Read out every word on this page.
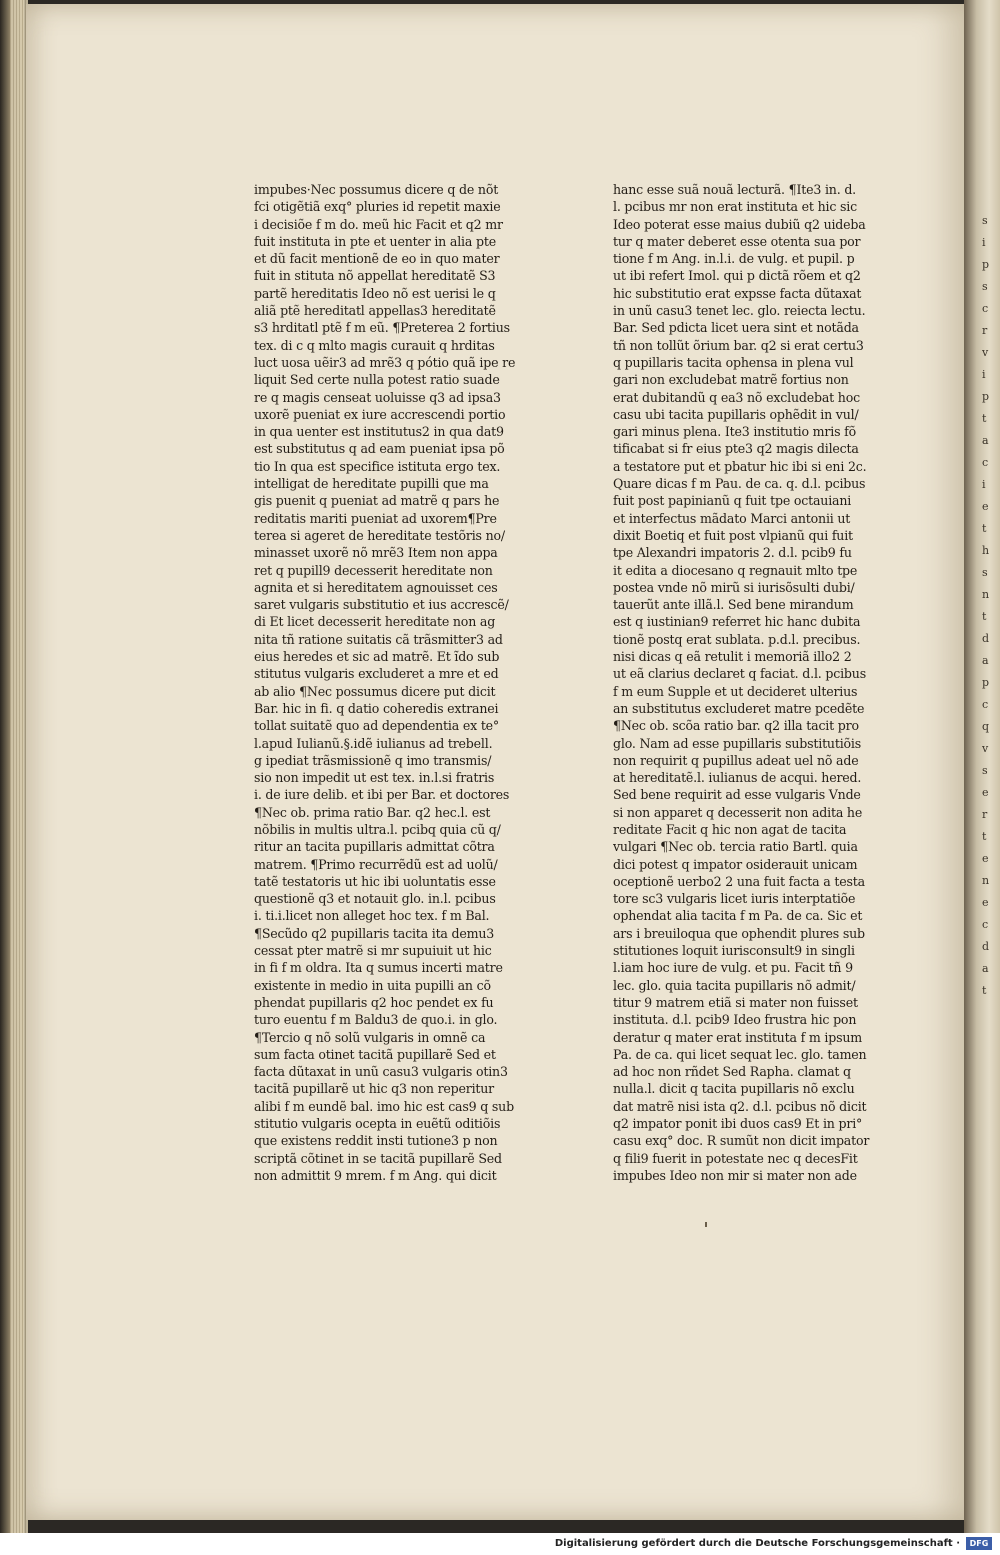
s
i
p
s
c
r
v
i
p
t
a
c
i
e
t
h
s
n
t
d
a
p
c
q
v
s
e
r
t
e
n
e
c
d
a
t
impubes·Nec possumus dicere q de nõt
fci otigẽtiã exq° pluries id repetit maxie
i decisiõe f m do. meũ hic Facit et q2 mr
fuit instituta in pte et uenter in alia pte
et dũ facit mentionẽ de eo in quo mater
fuit in stituta nõ appellat hereditatẽ S3
partẽ hereditatis Ideo nõ est uerisi le q
aliã ptẽ hereditatl appellas3 hereditatẽ
s3 hrditatl ptẽ f m eũ. ¶Preterea 2 fortius
tex. di c q mlto magis curauit q hrditas
luct uosa uẽir3 ad mrẽ3 q pótio quã ipe re
liquit Sed certe nulla potest ratio suade
re q magis censeat uoluisse q3 ad ipsa3
uxorẽ pueniat ex iure accrescendi portio
in qua uenter est institutus2 in qua dat9
est substitutus q ad eam pueniat ipsa põ
tio In qua est specifice istituta ergo tex.
intelligat de hereditate pupilli que ma
gis puenit q pueniat ad matrẽ q pars he
reditatis mariti pueniat ad uxorem¶Pre
terea si ageret de hereditate testõris no/
minasset uxorẽ nõ mrẽ3 Item non appa
ret q pupill9 decesserit hereditate non
agnita et si hereditatem agnouisset ces
saret vulgaris substitutio et ius accrescẽ/
di Et licet decesserit hereditate non ag
nita tñ ratione suitatis cã trãsmitter3 ad
eius heredes et sic ad matrẽ. Et ĩdo sub
stitutus vulgaris excluderet a mre et ed
ab alio ¶Nec possumus dicere put dicit
Bar. hic in fi. q datio coheredis extranei
tollat suitatẽ quo ad dependentia ex te°
l.apud Iulianũ.§.idẽ iulianus ad trebell.
g ipediat trãsmissionẽ q imo transmis/
sio non impedit ut est tex. in.l.si fratris
i. de iure delib. et ibi per Bar. et doctores
¶Nec ob. prima ratio Bar. q2 hec.l. est
nõbilis in multis ultra.l. pcibq quia cũ q/
ritur an tacita pupillaris admittat cõtra
matrem. ¶Primo recurrẽdũ est ad uolũ/
tatẽ testatoris ut hic ibi uoluntatis esse
questionẽ q3 et notauit glo. in.l. pcibus
i. ti.i.licet non alleget hoc tex. f m Bal.
¶Secũdo q2 pupillaris tacita ita demu3
cessat pter matrẽ si mr supuiuit ut hic
in fi f m oldra. Ita q sumus incerti matre
existente in medio in uita pupilli an cõ
phendat pupillaris q2 hoc pendet ex fu
turo euentu f m Baldu3 de quo.i. in glo.
¶Tercio q nõ solũ vulgaris in omnẽ ca
sum facta otinet tacitã pupillarẽ Sed et
facta dũtaxat in unũ casu3 vulgaris otin3
tacitã pupillarẽ ut hic q3 non reperitur
alibi f m eundẽ bal. imo hic est cas9 q sub
stitutio vulgaris ocepta in euẽtũ oditiõis
que existens reddit insti tutione3 p non
scriptã cõtinet in se tacitã pupillarẽ Sed
non admittit 9 mrem. f m Ang. qui dicit
hanc esse suã nouã lecturã. ¶Ite3 in. d.
l. pcibus mr non erat instituta et hic sic
Ideo poterat esse maius dubiũ q2 uideba
tur q mater deberet esse otenta sua por
tione f m Ang. in.l.i. de vulg. et pupil. p
ut ibi refert Imol. qui p dictã rõem et q2
hic substitutio erat expsse facta dũtaxat
in unũ casu3 tenet lec. glo. reiecta lectu.
Bar. Sed pdicta licet uera sint et notãda
tñ non tollũt õrium bar. q2 si erat certu3
q pupillaris tacita ophensa in plena vul
gari non excludebat matrẽ fortius non
erat dubitandũ q ea3 nõ excludebat hoc
casu ubi tacita pupillaris ophẽdit in vul/
gari minus plena. Ite3 institutio mris fõ
tificabat si fr eius pte3 q2 magis dilecta
a testatore put et pbatur hic ibi si eni 2c.
Quare dicas f m Pau. de ca. q. d.l. pcibus
fuit post papinianũ q fuit tpe octauiani
et interfectus mãdato Marci antonii ut
dixit Boetiq et fuit post vlpianũ qui fuit
tpe Alexandri impatoris 2. d.l. pcib9 fu
it edita a diocesano q regnauit mlto tpe
postea vnde nõ mirũ si iurisõsulti dubi/
tauerũt ante illã.l. Sed bene mirandum
est q iustinian9 referret hic hanc dubita
tionẽ postq erat sublata. p.d.l. precibus.
nisi dicas q eã retulit i memoriã illo2 2
ut eã clarius declaret q faciat. d.l. pcibus
f m eum Supple et ut decideret ulterius
an substitutus excluderet matre pcedẽte
¶Nec ob. scõa ratio bar. q2 illa tacit pro
glo. Nam ad esse pupillaris substitutiõis
non requirit q pupillus adeat uel nõ ade
at hereditatẽ.l. iulianus de acqui. hered.
Sed bene requirit ad esse vulgaris Vnde
si non apparet q decesserit non adita he
reditate Facit q hic non agat de tacita
vulgari ¶Nec ob. tercia ratio Bartl. quia
dici potest q impator osiderauit unicam
oceptionẽ uerbo2 2 una fuit facta a testa
tore sc3 vulgaris licet iuris interptatiõe
ophendat alia tacita f m Pa. de ca. Sic et
ars i breuiloqua que ophendit plures sub
stitutiones loquit iurisconsult9 in singli
l.iam hoc iure de vulg. et pu. Facit tñ 9
lec. glo. quia tacita pupillaris nõ admit/
titur 9 matrem etiã si mater non fuisset
instituta. d.l. pcib9 Ideo frustra hic pon
deratur q mater erat instituta f m ipsum
Pa. de ca. qui licet sequat lec. glo. tamen
ad hoc non rñdet Sed Rapha. clamat q
nulla.l. dicit q tacita pupillaris nõ exclu
dat matrẽ nisi ista q2. d.l. pcibus nõ dicit
q2 impator ponit ibi duos cas9 Et in pri°
casu exq° doc. R sumũt non dicit impator
q fili9 fuerit in potestate nec q decesFit
impubes Ideo non mir si mater non ade
Digitalisierung gefördert durch die Deutsche Forschungsgemeinschaft ·	DFG
